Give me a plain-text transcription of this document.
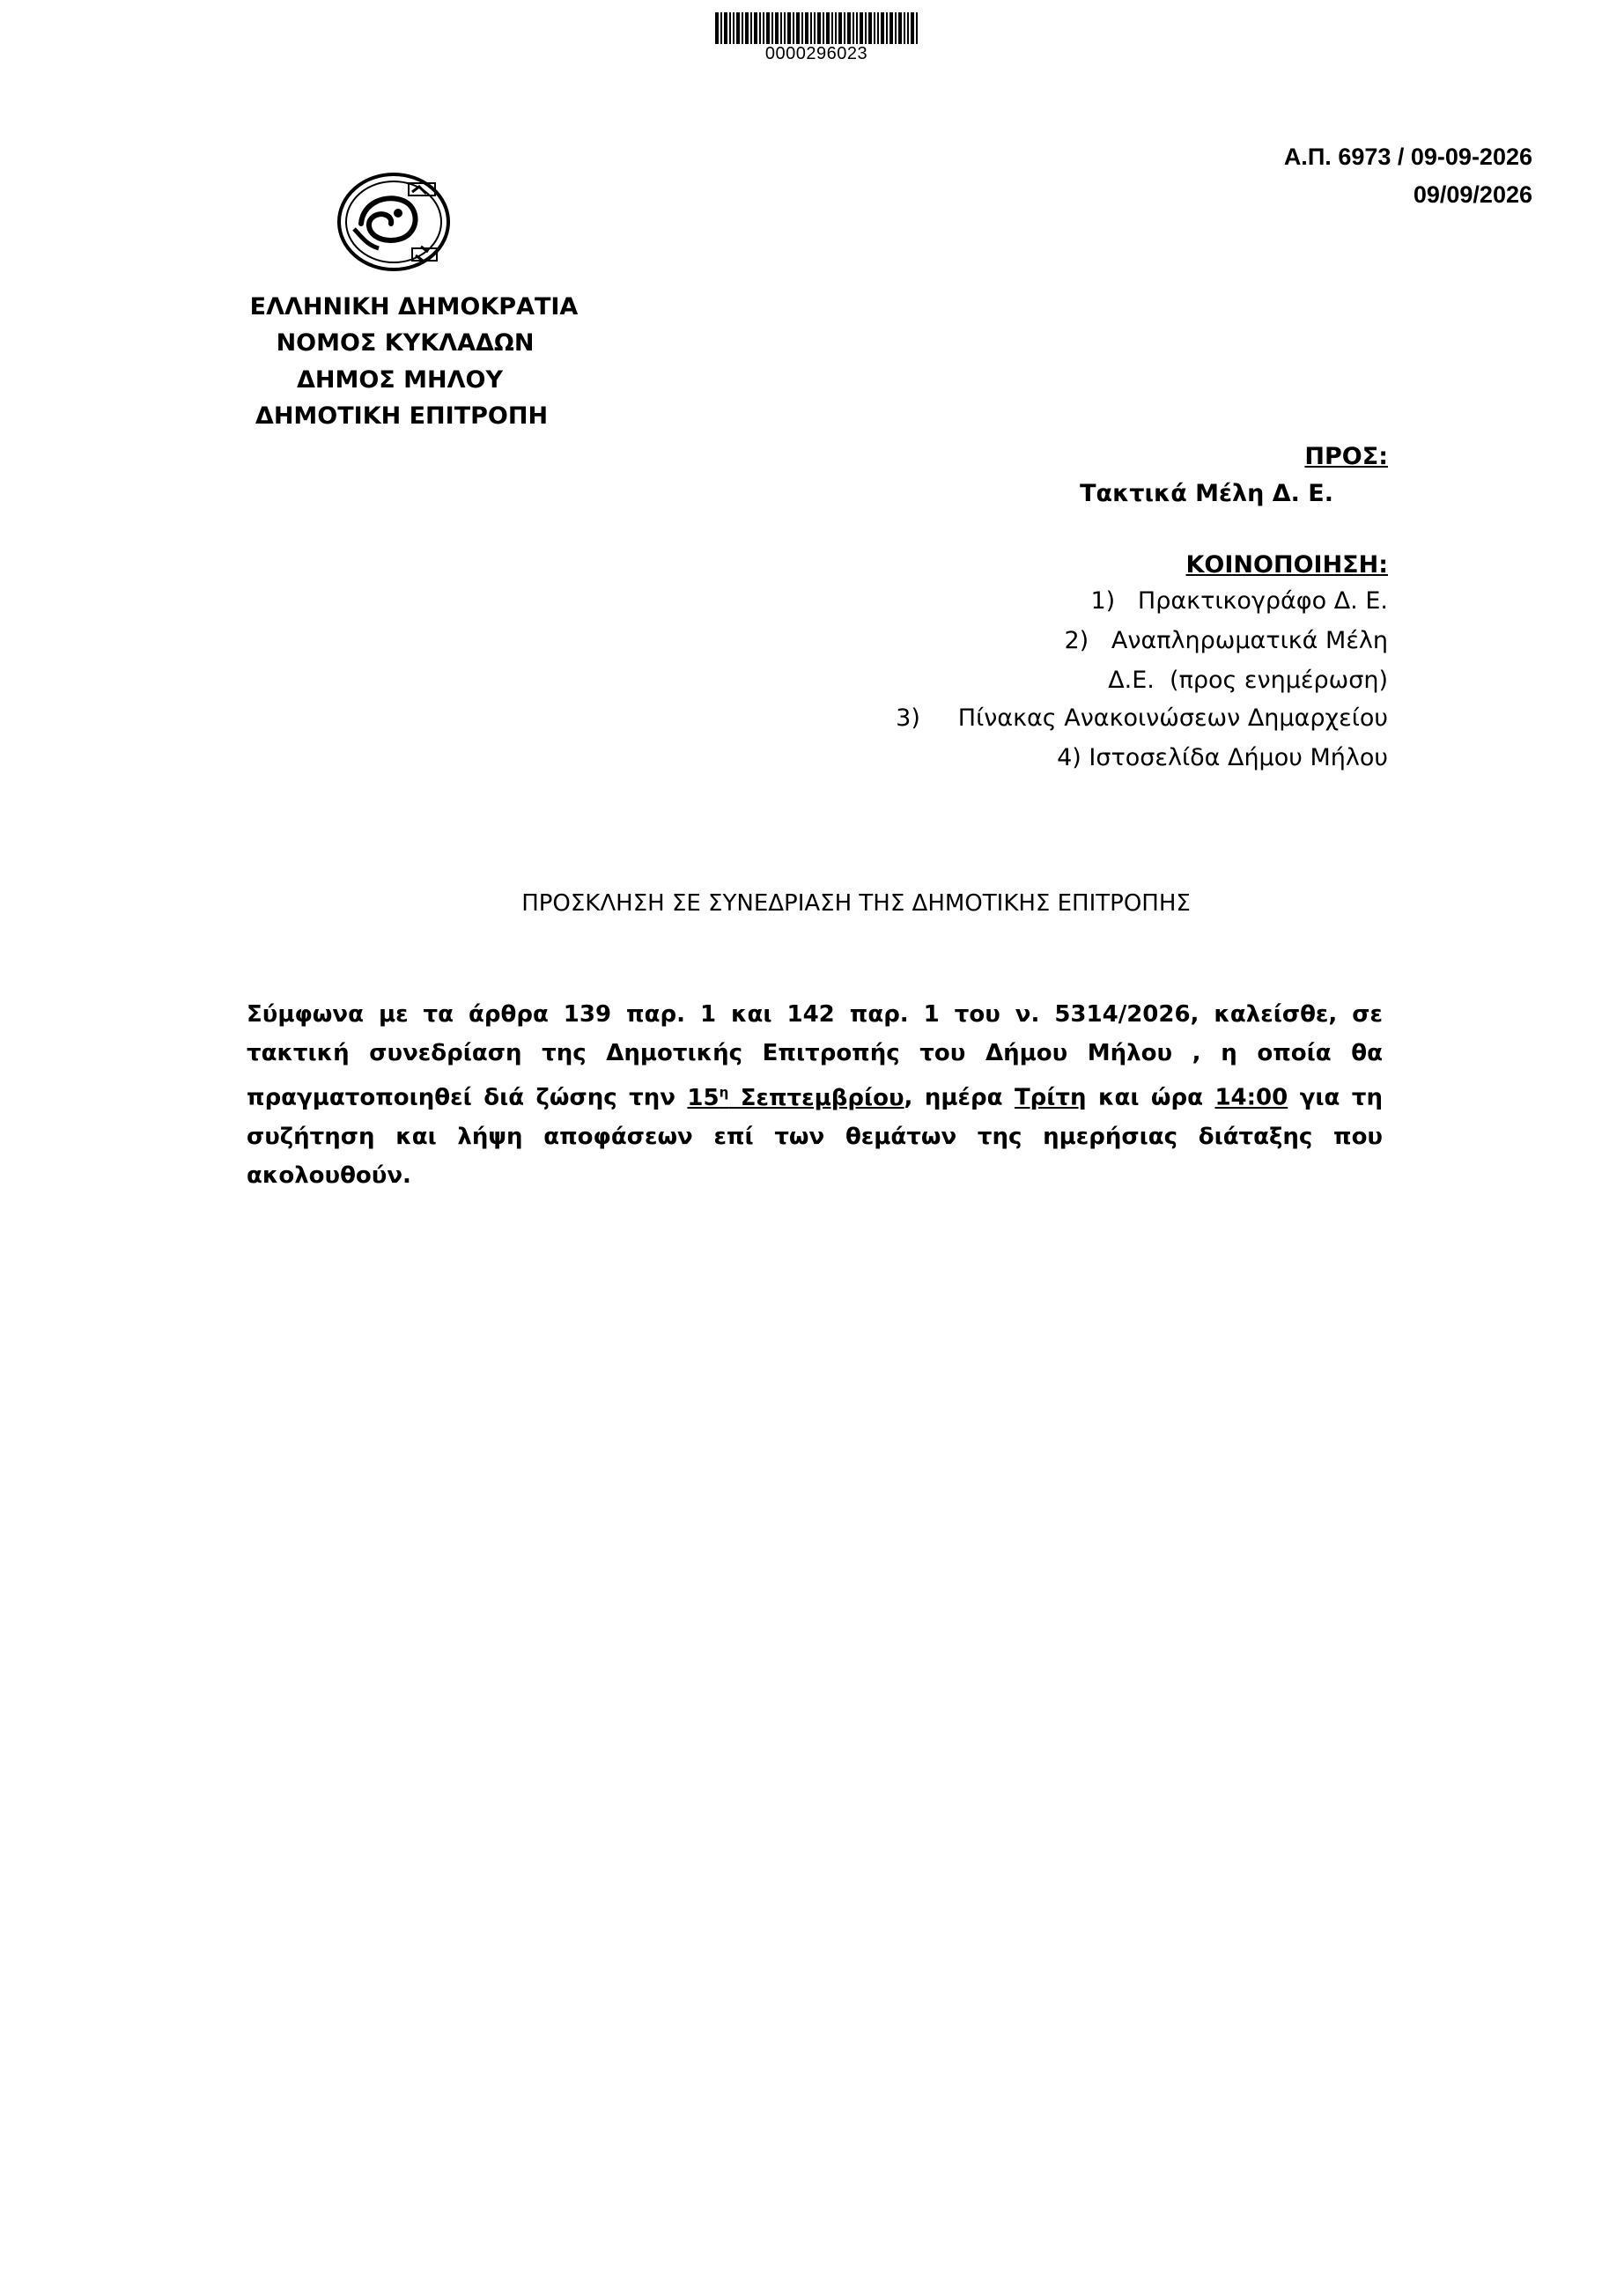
0000296023
Α.Π. 6973 / 09-09-2026
09/09/2026
ΕΛΛΗΝΙΚΗ ΔΗΜΟΚΡΑΤΙΑ
ΝΟΜΟΣ ΚΥΚΛΑΔΩΝ
ΔΗΜΟΣ ΜΗΛΟΥ
ΔΗΜΟΤΙΚΗ ΕΠΙΤΡΟΠΗ
ΠΡΟΣ:
Τακτικά Μέλη Δ. Ε.
ΚΟΙΝΟΠΟΙΗΣΗ:
1)   Πρακτικογράφο Δ. Ε.
2)   Αναπληρωματικά Μέλη
Δ.Ε.  (προς ενημέρωση)
3)     Πίνακας Ανακοινώσεων Δημαρχείου
4) Ιστοσελίδα Δήμου Μήλου
ΠΡΟΣΚΛΗΣΗ ΣΕ ΣΥΝΕΔΡΙΑΣΗ ΤΗΣ ΔΗΜΟΤΙΚΗΣ ΕΠΙΤΡΟΠΗΣ
Σύμφωνα με τα άρθρα 139 παρ. 1 και 142 παρ. 1 του ν. 5314/2026, καλείσθε, σε τακτική συνεδρίαση της Δημοτικής Επιτροπής του Δήμου Μήλου , η οποία θα πραγματοποιηθεί διά ζώσης την $15^\eta$ Σεπτεμβρίου, ημέρα Τρίτη και ώρα 14:00 για τη συζήτηση και λήψη αποφάσεων επί των θεμάτων της ημερήσιας διάταξης που ακολουθούν.
